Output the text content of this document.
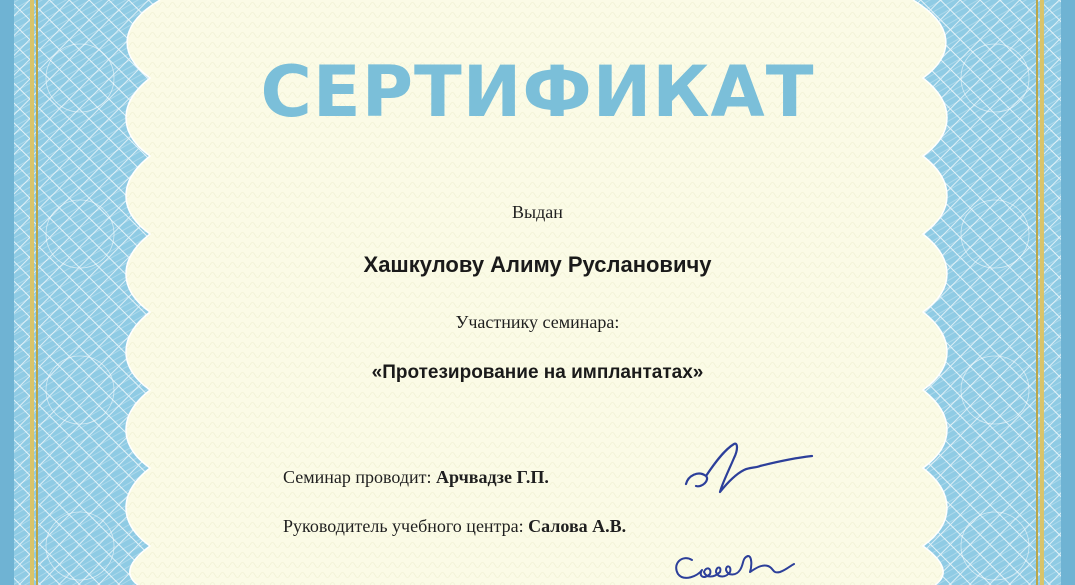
СЕРТИФИКАТ
Выдан
Хашкулову Алиму Руслановичу
Участнику семинара:
«Протезирование на имплантатах»
Семинар проводит: Арчвадзе Г.П.
Руководитель учебного центра: Салова А.В.
